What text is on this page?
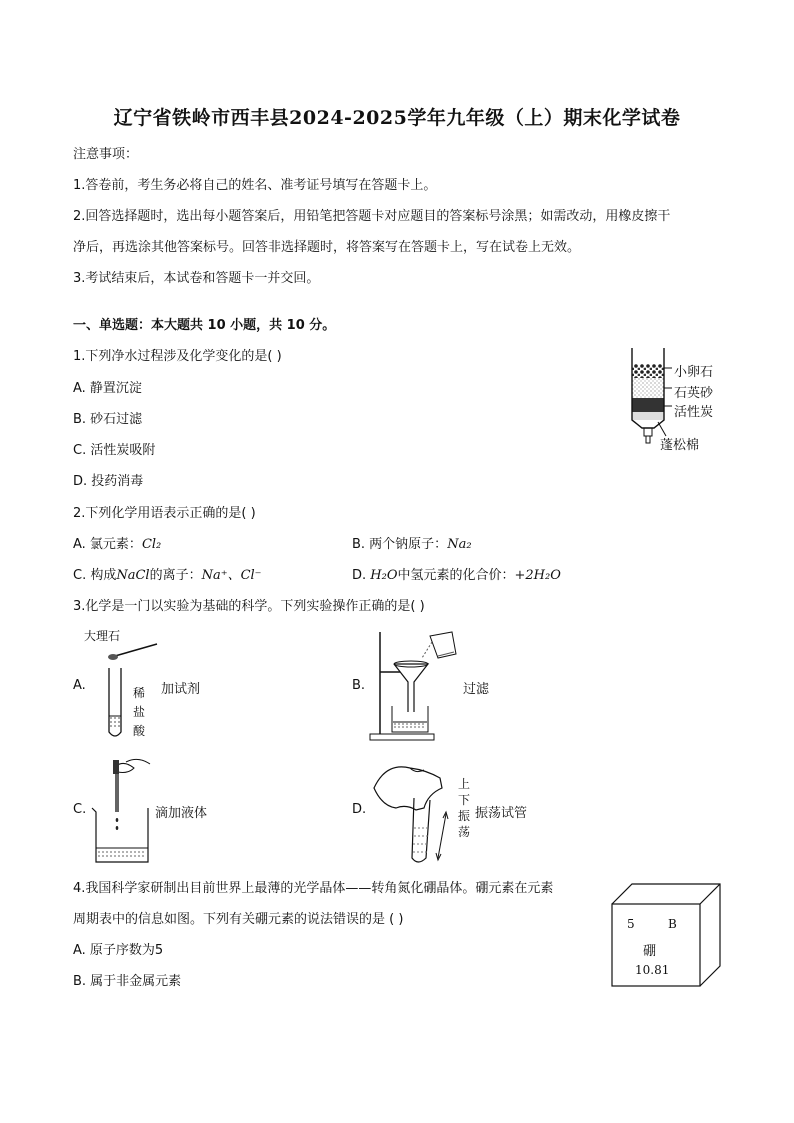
辽宁省铁岭市西丰县2024-2025学年九年级（上）期末化学试卷
注意事项：
1.答卷前，考生务必将自己的姓名、准考证号填写在答题卡上。
2.回答选择题时，选出每小题答案后，用铅笔把答题卡对应题目的答案标号涂黑；如需改动，用橡皮擦干
净后，再选涂其他答案标号。回答非选择题时，将答案写在答题卡上，写在试卷上无效。
3.考试结束后，本试卷和答题卡一并交回。
一、单选题：本大题共 10 小题，共 10 分。
1.下列净水过程涉及化学变化的是( )
A. 静置沉淀
B. 砂石过滤
C. 活性炭吸附
D. 投药消毒
小卵石
石英砂
活性炭
蓬松棉
2.下列化学用语表示正确的是( )
A. 氯元素：Cl₂	B. 两个钠原子：Na₂
C. 构成NaCl的离子：Na⁺、Cl⁻	D. H₂O中氢元素的化合价：+2H₂O
3.化学是一门以实验为基础的科学。下列实验操作正确的是( )
A.
大理石
稀
盐
酸
加试剂	B.	过滤
C.	滴加液体	D.
上
下
振
荡
振荡试管
4.我国科学家研制出目前世界上最薄的光学晶体——转角氮化硼晶体。硼元素在元素
周期表中的信息如图。下列有关硼元素的说法错误的是 ( )
A. 原子序数为5
B. 属于非金属元素
5	B
硼
10.81
